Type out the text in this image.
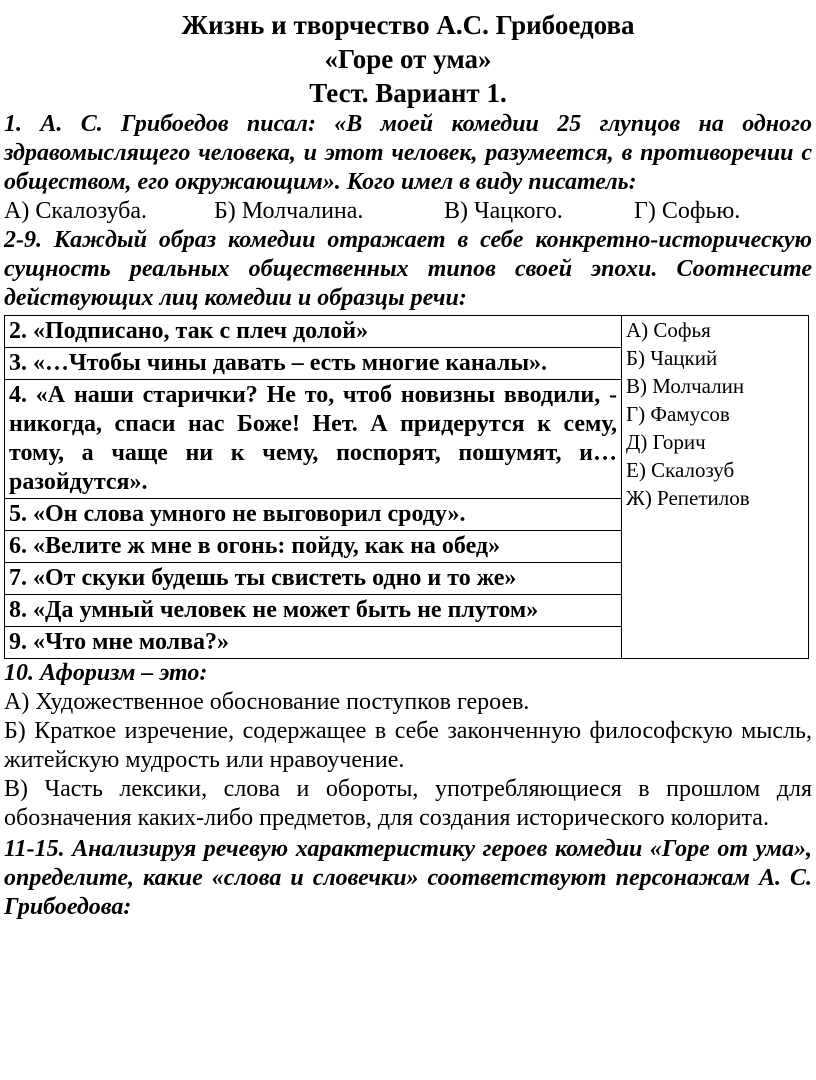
Жизнь и творчество А.С. Грибоедова
«Горе от ума»
Тест. Вариант 1.

1. А. С. Грибоедов писал: «В моей комедии 25 глупцов на одного здравомыслящего человека, и этот человек, разумеется, в противоречии с обществом, его окружающим». Кого имел в виду писатель:

А) Скалозуба.	Б) Молчалина.	В) Чацкого.	Г) Софью.

2-9. Каждый образ комедии отражает в себе конкретно-историческую сущность реальных общественных типов своей эпохи. Соотнесите действующих лиц комедии и образцы речи:

2. «Подписано, так с плеч долой»	А) Софья
Б) Чацкий
В) Молчалин
Г) Фамусов
Д) Горич
Е) Скалозуб
Ж) Репетилов

3. «…Чтобы чины давать – есть многие каналы».
4. «А наши старички? Не то, чтоб новизны вводили, - никогда, спаси нас Боже! Нет. А придерутся к сему, тому, а чаще ни к чему, поспорят, пошумят, и… разойдутся».
5. «Он слова умного не выговорил сроду».
6. «Велите ж мне в огонь: пойду, как на обед»
7. «От скуки будешь ты свистеть одно и то же»
8. «Да умный человек не может быть не плутом»
9. «Что мне молва?»

10. Афоризм – это:

А) Художественное обоснование поступков героев.

Б) Краткое изречение, содержащее в себе законченную философскую мысль, житейскую мудрость или нравоучение.

В) Часть лексики, слова и обороты, употребляющиеся в прошлом для обозначения каких-либо предметов, для создания исторического колорита.

11-15. Анализируя речевую характеристику героев комедии «Горе от ума», определите, какие «слова и словечки» соответствуют персонажам А. С. Грибоедова:
